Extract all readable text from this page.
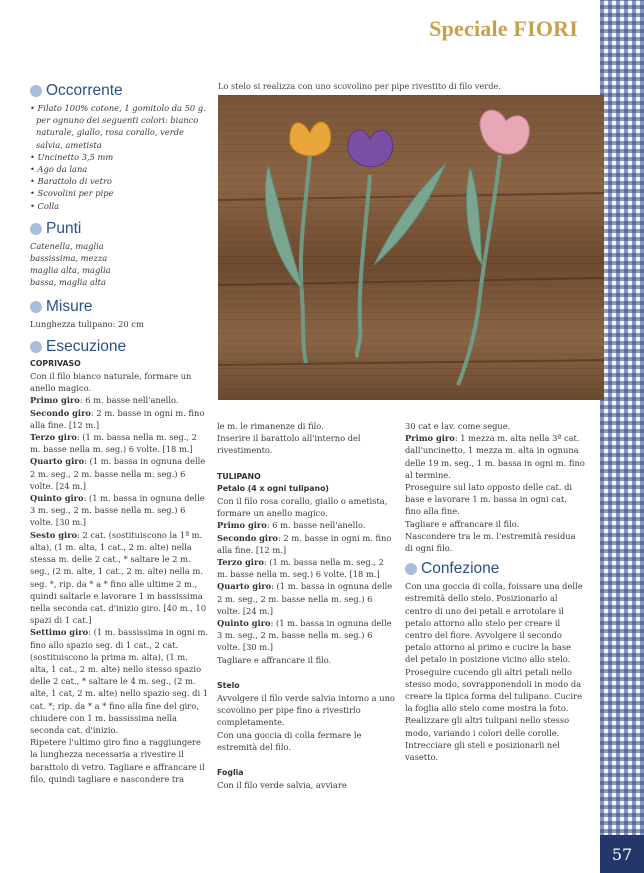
57
Speciale FIORI
Occorrente
• Filato 100% cotone, 1 gomitolo da 50 g. per ognuno dei seguenti colori: bianco naturale, giallo, rosa corallo, verde salvia, ametista
• Uncinetto 3,5 mm
• Ago da lana
• Barattolo di vetro
• Scovolini per pipe
• Colla
Punti
Catenella, maglia bassissima, mezza maglia alta, maglia bassa, maglia alta
Misure
Lunghezza tulipano: 20 cm
Esecuzione
COPRIVASO
Con il filo bianco naturale, formare un anello magico.
Primo giro: 6 m. basse nell'anello.
Secondo giro: 2 m. basse in ogni m. fino alla fine. [12 m.]
Terzo giro: (1 m. bassa nella m. seg., 2 m. basse nella m. seg.) 6 volte. [18 m.]
Quarto giro: (1 m. bassa in ognuna delle 2 m. seg., 2 m. basse nella m. seg.) 6 volte. [24 m.]
Quinto giro: (1 m. bassa in ognuna delle 3 m. seg., 2 m. basse nella m. seg.) 6 volte. [30 m.]
Sesto giro: 2 cat. (sostituiscono la 1ª m. alta), (1 m. alta, 1 cat., 2 m. alte) nella stessa m. delle 2 cat., * saltare le 2 m. seg., (2 m. alte, 1 cat., 2 m. alte) nella m. seg. *, rip. da * a * fino alle ultime 2 m., quindi saltarle e lavorare 1 m bassissima nella seconda cat. d'inizio giro. [40 m., 10 spazi di 1 cat.]
Settimo giro: (1 m. bassissima in ogni m. fino allo spazio seg. di 1 cat., 2 cat. (sostituiscono la prima m. alta), (1 m. alta, 1 cat., 2 m. alte) nello stesso spazio delle 2 cat., * saltare le 4 m. seg., (2 m. alte, 1 cat, 2 m. alte) nello spazio seg. di 1 cat. *; rip. da * a * fino alla fine del giro, chiudere con 1 m. bassissima nella seconda cat. d'inizio.
Ripetere l'ultimo giro fino a raggiungere la lunghezza necessaria a rivestire il barattolo di vetro. Tagliare e affrancare il filo, quindi tagliare e nascondere tra
Lo stelo si realizza con uno scovolino per pipe rivestito di filo verde.
le m. le rimanenze di filo.
Inserire il barattolo all'interno del rivestimento.
TULIPANO
Petalo (4 x ogni tulipano)
Con il filo rosa corallo, giallo o ametista, formare un anello magico.
Primo giro: 6 m. basse nell'anello.
Secondo giro: 2 m. basse in ogni m. fino alla fine. [12 m.]
Terzo giro: (1 m. bassa nella m. seg., 2 m. basse nella m. seg.) 6 volte. [18 m.]
Quarto giro: (1 m. bassa in ognuna delle 2 m. seg., 2 m. basse nella m. seg.) 6 volte. [24 m.]
Quinto giro: (1 m. bassa in ognuna delle 3 m. seg., 2 m. basse nella m. seg.) 6 volte. [30 m.]
Tagliare e affrancare il filo.
Stelo
Avvolgere il filo verde salvia intorno a uno scovolino per pipe fino a rivestirlo completamente.
Con una goccia di colla fermare le estremità del filo.
Foglia
Con il filo verde salvia, avviare
30 cat e lav. come segue.
Primo giro: 1 mezza m. alta nella 3ª cat. dall'uncinetto, 1 mezza m. alta in ognuna delle 19 m. seg., 1 m. bassa in ogni m. fino al termine.
Proseguire sul lato opposto delle cat. di base e lavorare 1 m. bassa in ogni cat. fino alla fine.
Tagliare e affrancare il filo.
Nascondere tra le m. l'estremità residua di ogni filo.
Confezione
Con una goccia di colla, foissare una delle estremità dello stelo. Posizionarlo al centro di uno dei petali e arrotolare il petalo attorno allo stelo per creare il centro del fiore. Avvolgere il secondo petalo attorno al primo e cucire la base del petalo in posizione vicino allo stelo. Proseguire cucendo gli altri petali nello stesso modo, sovrapponendoli in modo da creare la tipica forma del tulipano. Cucire la foglia allo stelo come mostra la foto. Realizzare gli altri tulipani nello stesso modo, variando i colori delle corolle. Intrecciare gli steli e posizionarli nel vasetto.
